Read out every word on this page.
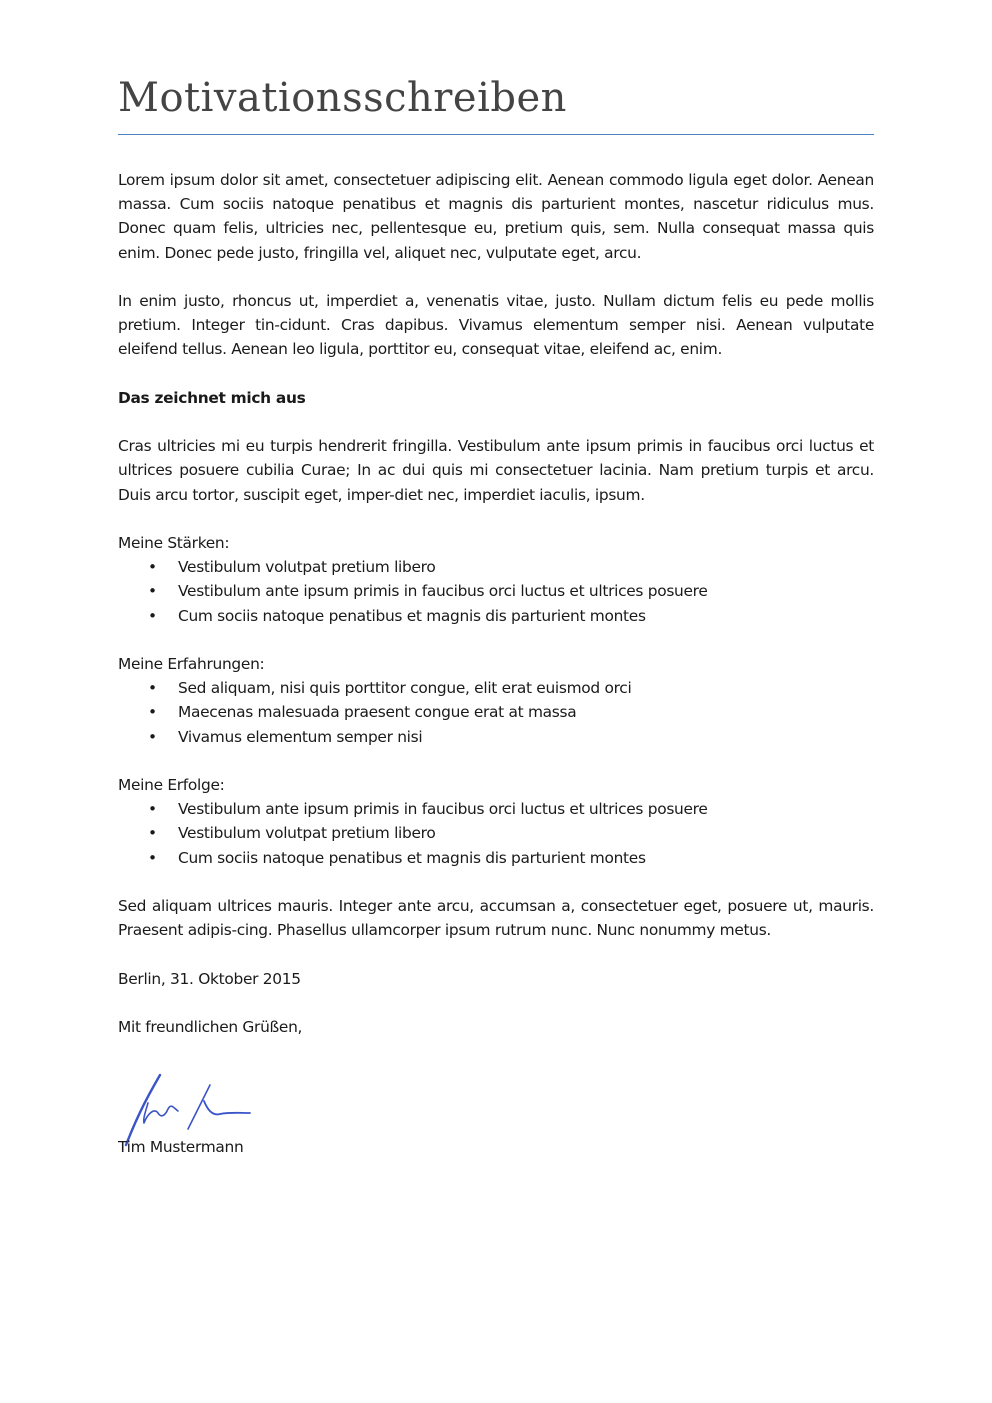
Motivationsschreiben

Lorem ipsum dolor sit amet, consectetuer adipiscing elit. Aenean commodo ligula eget dolor. Aenean massa. Cum sociis natoque penatibus et magnis dis parturient montes, nascetur ridiculus mus. Donec quam felis, ultricies nec, pellentesque eu, pretium quis, sem. Nulla consequat massa quis enim. Donec pede justo, fringilla vel, aliquet nec, vulputate eget, arcu.

In enim justo, rhoncus ut, imperdiet a, venenatis vitae, justo. Nullam dictum felis eu pede mollis pretium. Integer tin-cidunt. Cras dapibus. Vivamus elementum semper nisi. Aenean vulputate eleifend tellus. Aenean leo ligula, porttitor eu, consequat vitae, eleifend ac, enim.

Das zeichnet mich aus

Cras ultricies mi eu turpis hendrerit fringilla. Vestibulum ante ipsum primis in faucibus orci luctus et ultrices posuere cubilia Curae; In ac dui quis mi consectetuer lacinia. Nam pretium turpis et arcu. Duis arcu tortor, suscipit eget, imper-diet nec, imperdiet iaculis, ipsum.

Meine Stärken:

• Vestibulum volutpat pretium libero
• Vestibulum ante ipsum primis in faucibus orci luctus et ultrices posuere
• Cum sociis natoque penatibus et magnis dis parturient montes

Meine Erfahrungen:

• Sed aliquam, nisi quis porttitor congue, elit erat euismod orci
• Maecenas malesuada praesent congue erat at massa
• Vivamus elementum semper nisi

Meine Erfolge:

• Vestibulum ante ipsum primis in faucibus orci luctus et ultrices posuere
• Vestibulum volutpat pretium libero
• Cum sociis natoque penatibus et magnis dis parturient montes

Sed aliquam ultrices mauris. Integer ante arcu, accumsan a, consectetuer eget, posuere ut, mauris. Praesent adipis-cing. Phasellus ullamcorper ipsum rutrum nunc. Nunc nonummy metus.

Berlin, 31. Oktober 2015

Mit freundlichen Grüßen,

Tim Mustermann
